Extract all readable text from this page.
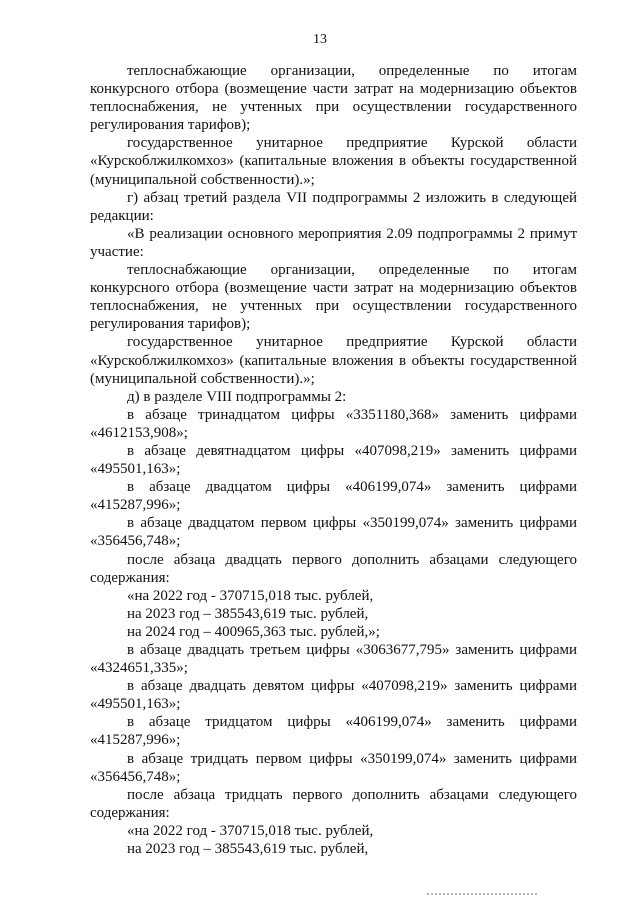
13

теплоснабжающие организации, определенные по итогам конкурсного отбора (возмещение части затрат на модернизацию объектов теплоснабжения, не учтенных при осуществлении государственного регулирования тарифов);

государственное унитарное предприятие Курской области «Курскоблжилкомхоз» (капитальные вложения в объекты государственной (муниципальной собственности).»;

г) абзац третий раздела VII подпрограммы 2 изложить в следующей редакции:

«В реализации основного мероприятия 2.09 подпрограммы 2 примут участие:

теплоснабжающие организации, определенные по итогам конкурсного отбора (возмещение части затрат на модернизацию объектов теплоснабжения, не учтенных при осуществлении государственного регулирования тарифов);

государственное унитарное предприятие Курской области «Курскоблжилкомхоз» (капитальные вложения в объекты государственной (муниципальной собственности).»;

д) в разделе VIII подпрограммы 2:

в абзаце тринадцатом цифры «3351180,368» заменить цифрами «4612153,908»;

в абзаце девятнадцатом цифры «407098,219» заменить цифрами «495501,163»;

в абзаце двадцатом цифры «406199,074» заменить цифрами «415287,996»;

в абзаце двадцатом первом цифры «350199,074» заменить цифрами «356456,748»;

после абзаца двадцать первого дополнить абзацами следующего содержания:

«на 2022 год - 370715,018 тыс. рублей,

на 2023 год – 385543,619 тыс. рублей,

на 2024 год – 400965,363 тыс. рублей,»;

в абзаце двадцать третьем цифры «3063677,795» заменить цифрами «4324651,335»;

в абзаце двадцать девятом цифры «407098,219» заменить цифрами «495501,163»;

в абзаце тридцатом цифры «406199,074» заменить цифрами «415287,996»;

в абзаце тридцать первом цифры «350199,074» заменить цифрами «356456,748»;

после абзаца тридцать первого дополнить абзацами следующего содержания:

«на 2022 год - 370715,018 тыс. рублей,

на 2023 год – 385543,619 тыс. рублей,
